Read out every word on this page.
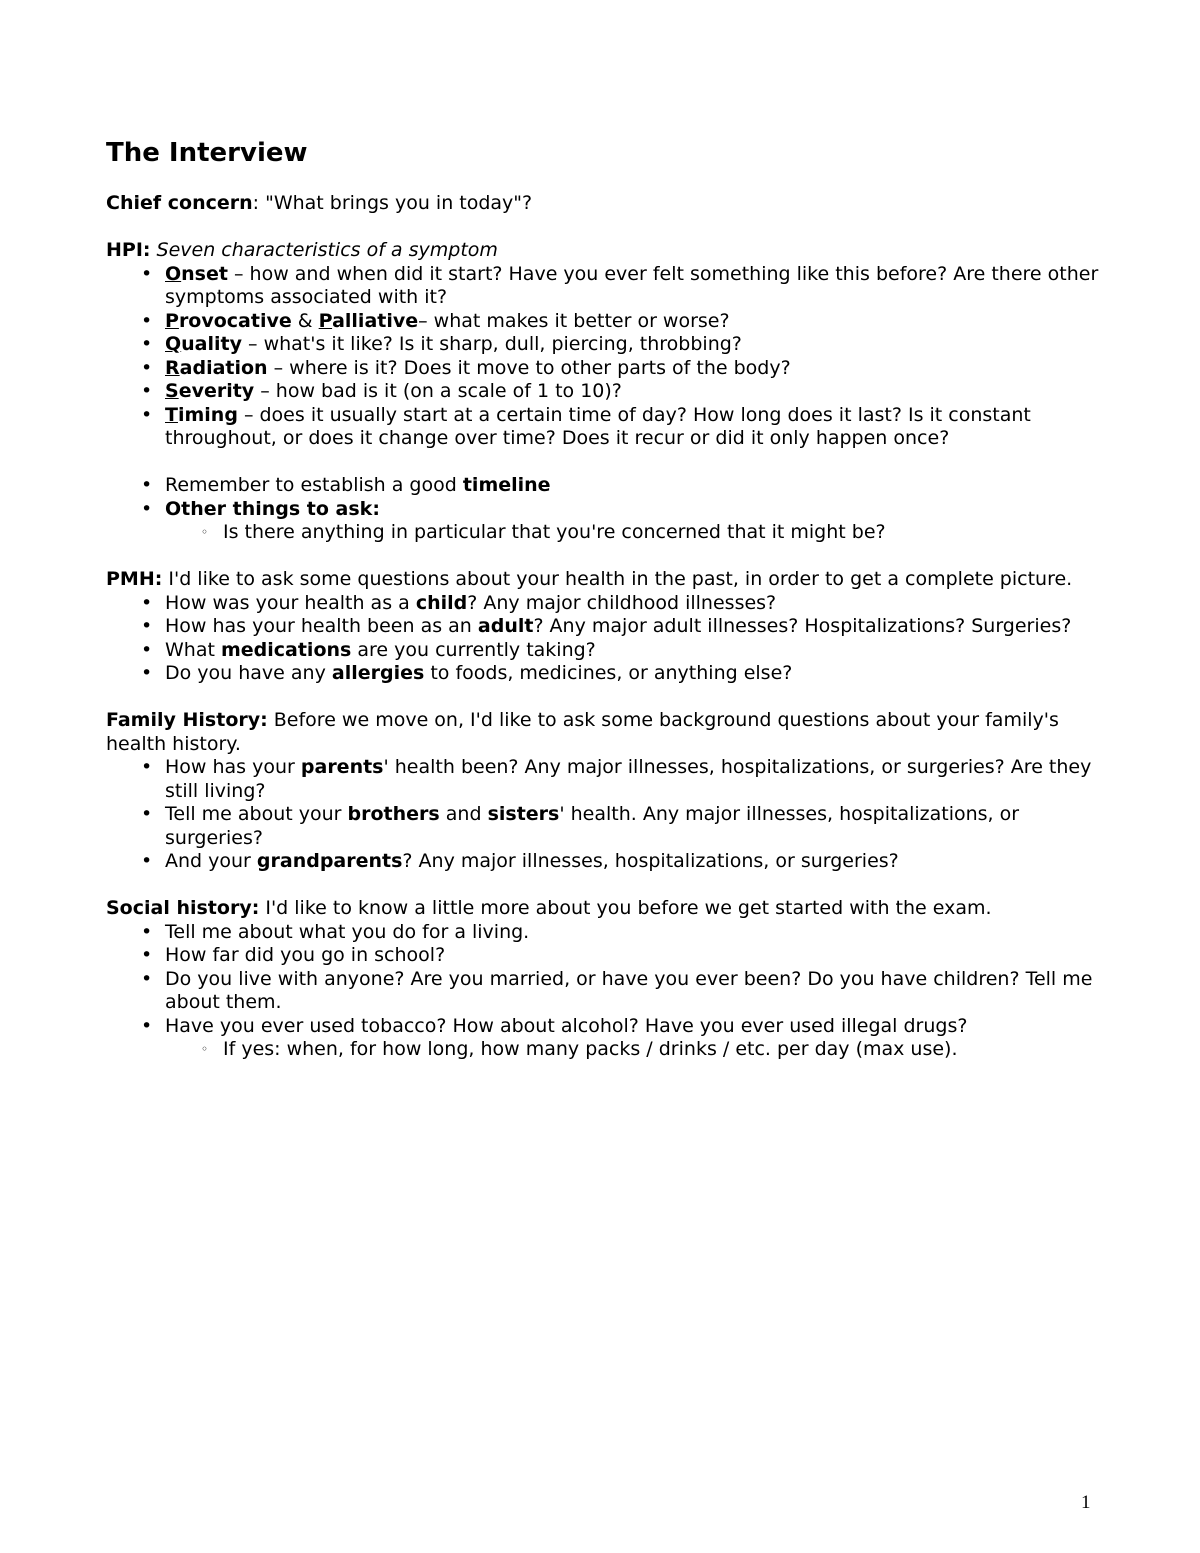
The Interview

Chief concern: "What brings you in today"?

HPI: Seven characteristics of a symptom

• Onset – how and when did it start? Have you ever felt something like this before? Are there other symptoms associated with it?
• Provocative & Palliative– what makes it better or worse?
• Quality – what's it like? Is it sharp, dull, piercing, throbbing?
• Radiation – where is it? Does it move to other parts of the body?
• Severity – how bad is it (on a scale of 1 to 10)?
• Timing – does it usually start at a certain time of day? How long does it last? Is it constant throughout, or does it change over time? Does it recur or did it only happen once?
• Remember to establish a good timeline
• Other things to ask:
◦ Is there anything in particular that you're concerned that it might be?

PMH: I'd like to ask some questions about your health in the past, in order to get a complete picture.

• How was your health as a child? Any major childhood illnesses?
• How has your health been as an adult? Any major adult illnesses? Hospitalizations? Surgeries?
• What medications are you currently taking?
• Do you have any allergies to foods, medicines, or anything else?

Family History: Before we move on, I'd like to ask some background questions about your family's health history.

• How has your parents' health been? Any major illnesses, hospitalizations, or surgeries? Are they still living?
• Tell me about your brothers and sisters' health. Any major illnesses, hospitalizations, or surgeries?
• And your grandparents? Any major illnesses, hospitalizations, or surgeries?

Social history: I'd like to know a little more about you before we get started with the exam.

• Tell me about what you do for a living.
• How far did you go in school?
• Do you live with anyone? Are you married, or have you ever been? Do you have children? Tell me about them.
• Have you ever used tobacco? How about alcohol? Have you ever used illegal drugs?
◦ If yes: when, for how long, how many packs / drinks / etc. per day (max use).
1
